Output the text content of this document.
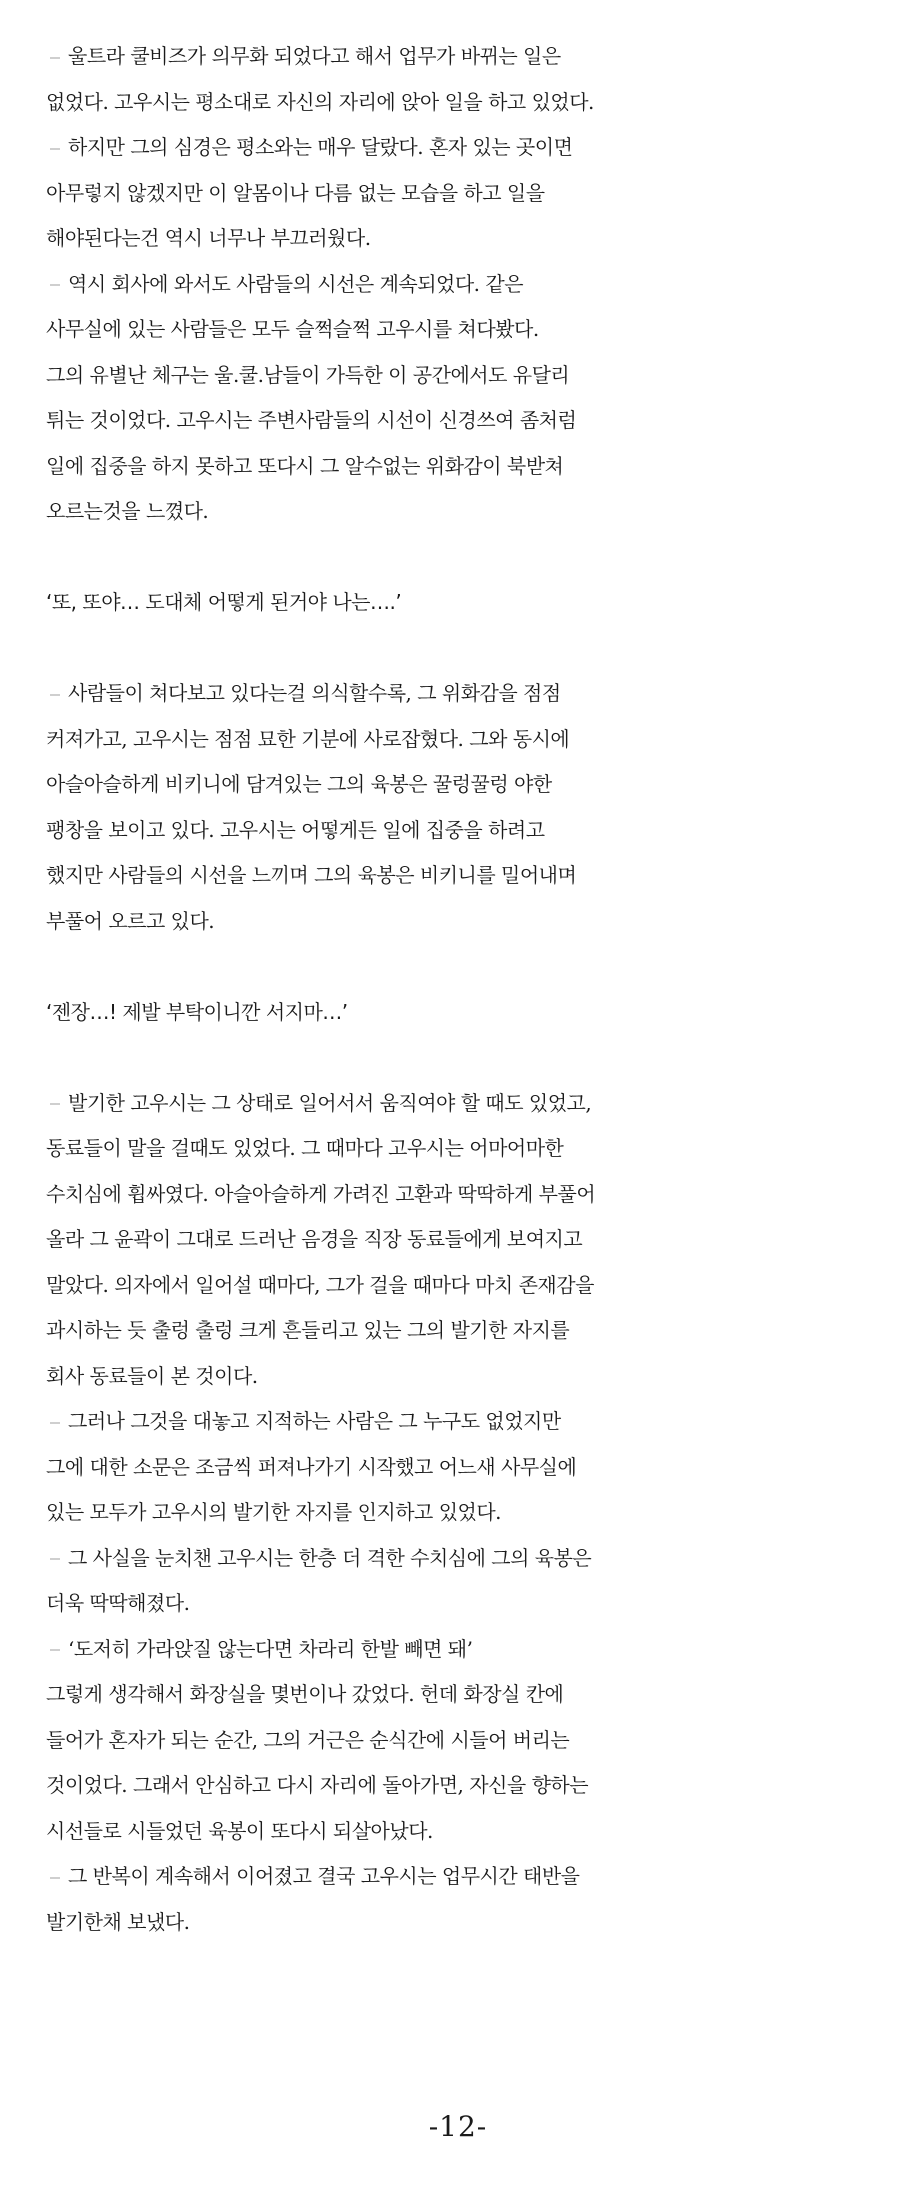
울트라 쿨비즈가 의무화 되었다고 해서 업무가 바뀌는 일은
없었다. 고우시는 평소대로 자신의 자리에 앉아 일을 하고 있었다.
하지만 그의 심경은 평소와는 매우 달랐다. 혼자 있는 곳이면
아무렇지 않겠지만 이 알몸이나 다름 없는 모습을 하고 일을
해야된다는건 역시 너무나 부끄러웠다.
역시 회사에 와서도 사람들의 시선은 계속되었다. 같은
사무실에 있는 사람들은 모두 슬쩍슬쩍 고우시를 쳐다봤다.
그의 유별난 체구는 울.쿨.남들이 가득한 이 공간에서도 유달리
튀는 것이었다. 고우시는 주변사람들의 시선이 신경쓰여 좀처럼
일에 집중을 하지 못하고 또다시 그 알수없는 위화감이 북받쳐
오르는것을 느꼈다.
‘또, 또야… 도대체 어떻게 된거야 나는….’
사람들이 쳐다보고 있다는걸 의식할수록, 그 위화감을 점점
커져가고, 고우시는 점점 묘한 기분에 사로잡혔다. 그와 동시에
아슬아슬하게 비키니에 담겨있는 그의 육봉은 꿀렁꿀렁 야한
팽창을 보이고 있다. 고우시는 어떻게든 일에 집중을 하려고
했지만 사람들의 시선을 느끼며 그의 육봉은 비키니를 밀어내며
부풀어 오르고 있다.
‘젠장…! 제발 부탁이니깐 서지마…’
발기한 고우시는 그 상태로 일어서서 움직여야 할 때도 있었고,
동료들이 말을 걸때도 있었다. 그 때마다 고우시는 어마어마한
수치심에 휩싸였다. 아슬아슬하게 가려진 고환과 딱딱하게 부풀어
올라 그 윤곽이 그대로 드러난 음경을 직장 동료들에게 보여지고
말았다. 의자에서 일어설 때마다, 그가 걸을 때마다 마치 존재감을
과시하는 듯 출렁 출렁 크게 흔들리고 있는 그의 발기한 자지를
회사 동료들이 본 것이다.
그러나 그것을 대놓고 지적하는 사람은 그 누구도 없었지만
그에 대한 소문은 조금씩 퍼져나가기 시작했고 어느새 사무실에
있는 모두가 고우시의 발기한 자지를 인지하고 있었다.
그 사실을 눈치챈 고우시는 한층 더 격한 수치심에 그의 육봉은
더욱 딱딱해졌다.
‘도저히 가라앉질 않는다면 차라리 한발 빼면 돼’
그렇게 생각해서 화장실을 몇번이나 갔었다. 헌데 화장실 칸에
들어가 혼자가 되는 순간, 그의 거근은 순식간에 시들어 버리는
것이었다. 그래서 안심하고 다시 자리에 돌아가면, 자신을 향하는
시선들로 시들었던 육봉이 또다시 되살아났다.
그 반복이 계속해서 이어졌고 결국 고우시는 업무시간 태반을
발기한채 보냈다.
-12-
